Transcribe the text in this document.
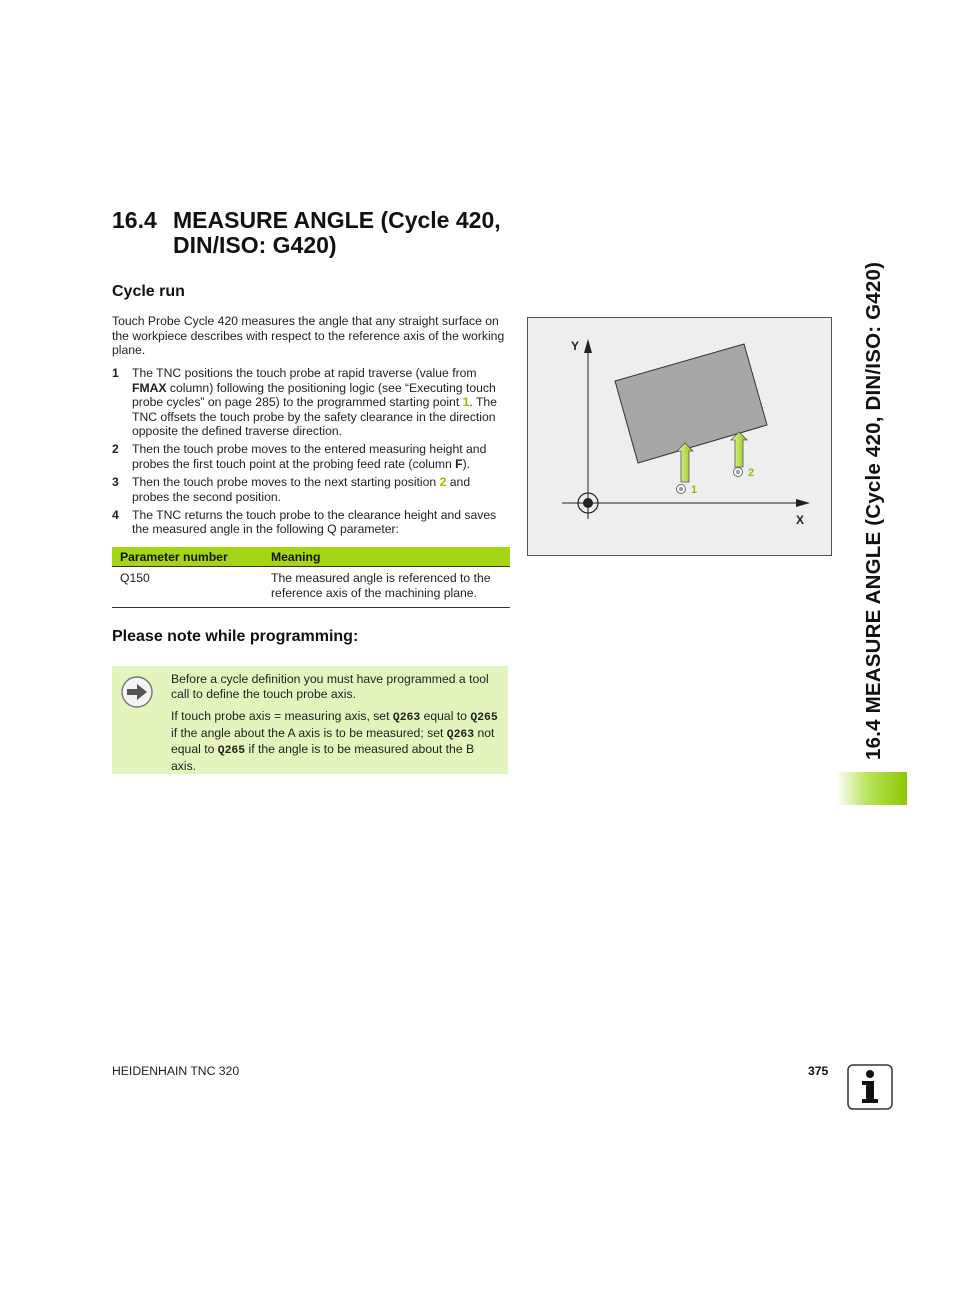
16.4 MEASURE ANGLE (Cycle 420, DIN/ISO: G420)
Cycle run
Touch Probe Cycle 420 measures the angle that any straight surface on the workpiece describes with respect to the reference axis of the working plane.
1 The TNC positions the touch probe at rapid traverse (value from FMAX column) following the positioning logic (see “Executing touch probe cycles” on page 285) to the programmed starting point 1. The TNC offsets the touch probe by the safety clearance in the direction opposite the defined traverse direction.
2 Then the touch probe moves to the entered measuring height and probes the first touch point at the probing feed rate (column F).
3 Then the touch probe moves to the next starting position 2 and probes the second position.
4 The TNC returns the touch probe to the clearance height and saves the measured angle in the following Q parameter:
Parameter number	Meaning
Q150	The measured angle is referenced to the reference axis of the machining plane.
Please note while programming:

Before a cycle definition you must have programmed a tool call to define the touch probe axis.

If touch probe axis = measuring axis, set Q263 equal to Q265 if the angle about the A axis is to be measured; set Q263 not equal to Q265 if the angle is to be measured about the B axis.

Y
X
1
2	16.4 MEASURE ANGLE (Cycle 420, DIN/ISO: G420)
HEIDENHAIN TNC 320	375
